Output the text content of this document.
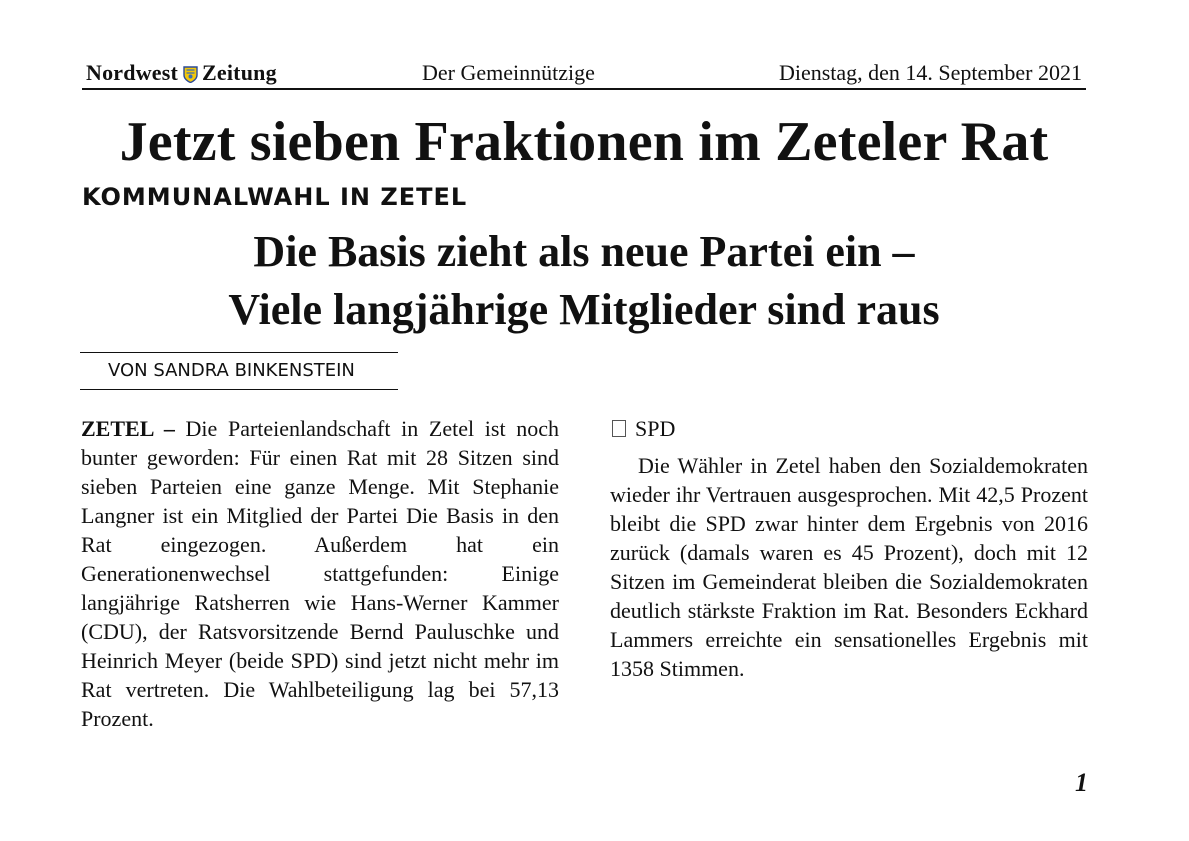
Nordwest Zeitung	Der Gemeinnützige	Dienstag, den 14. September 2021
Jetzt sieben Fraktionen im Zeteler Rat
KOMMUNALWAHL IN ZETEL
Die Basis zieht als neue Partei ein –
Viele langjährige Mitglieder sind raus
VON SANDRA BINKENSTEIN

ZETEL – Die Parteienlandschaft in Zetel ist noch bunter geworden: Für einen Rat mit 28 Sitzen sind sieben Parteien eine ganze Menge. Mit Stephanie Langner ist ein Mitglied der Partei Die Basis in den Rat eingezogen. Außerdem hat ein Generationenwechsel stattgefunden: Einige langjährige Ratsherren wie Hans-Werner Kammer (CDU), der Ratsvorsitzende Bernd Pauluschke und Heinrich Meyer (beide SPD) sind jetzt nicht mehr im Rat vertreten. Die Wahlbeteiligung lag bei 57,13 Prozent.

SPD

Die Wähler in Zetel haben den Sozialdemokraten wieder ihr Vertrauen ausgesprochen. Mit 42,5 Prozent bleibt die SPD zwar hinter dem Ergebnis von 2016 zurück (damals waren es 45 Prozent), doch mit 12 Sitzen im Gemeinderat bleiben die Sozialdemokraten deutlich stärkste Fraktion im Rat. Besonders Eckhard Lammers erreichte ein sensationelles Ergebnis mit 1358 Stimmen.

1
